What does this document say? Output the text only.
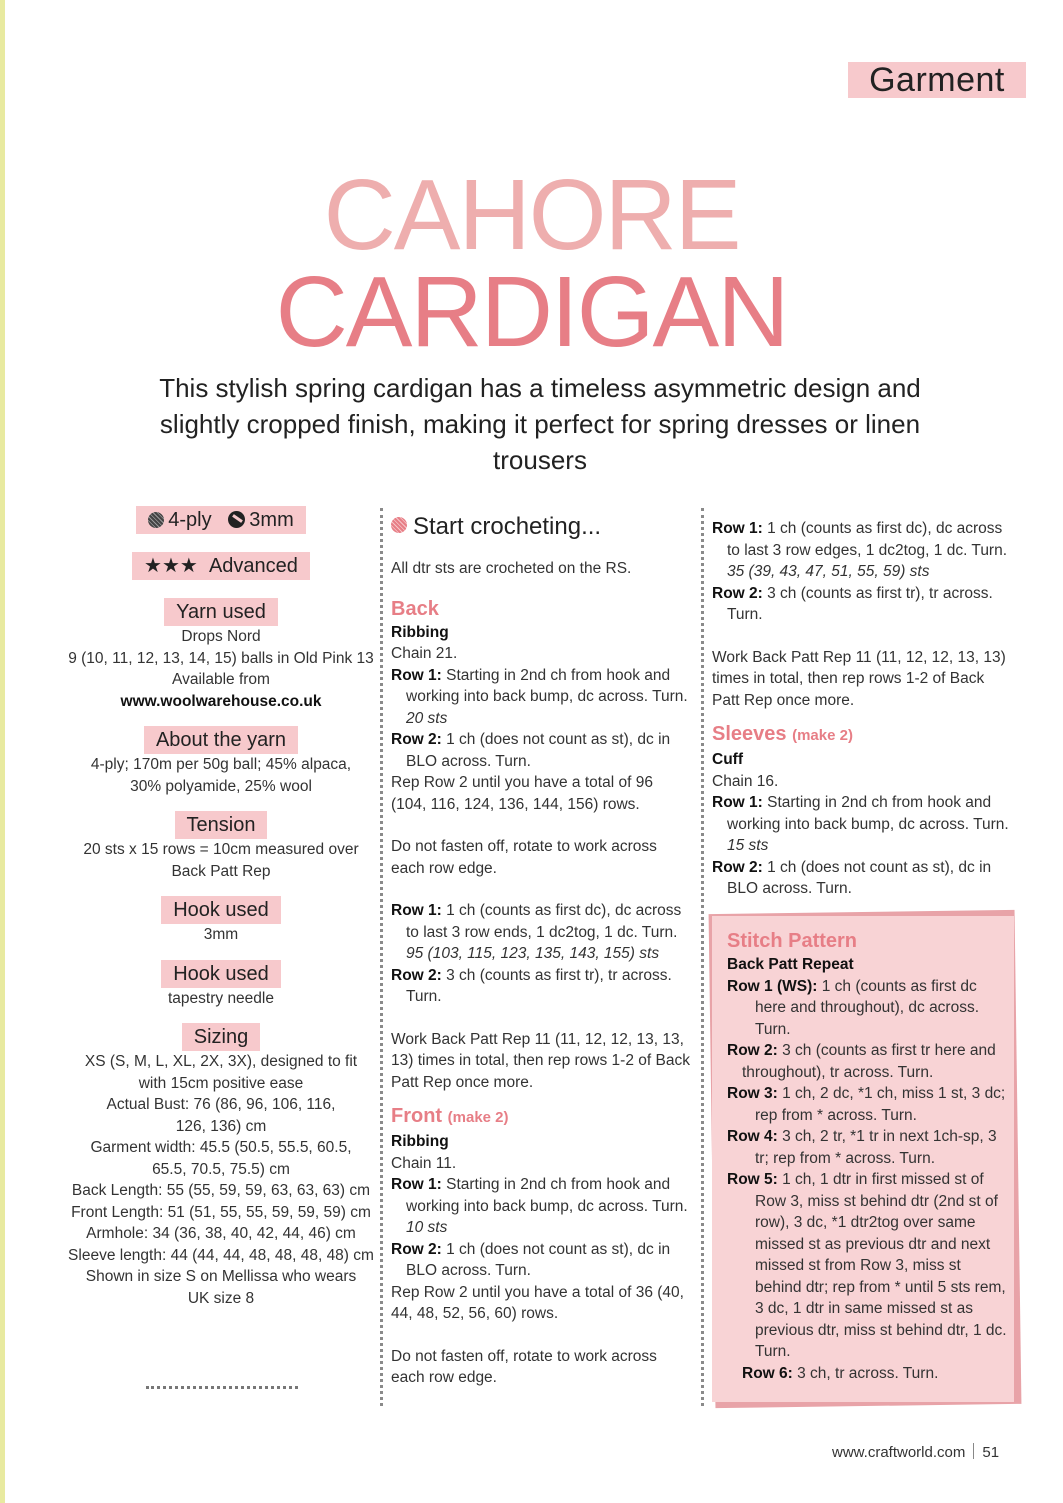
Garment
CAHORE
CARDIGAN
This stylish spring cardigan has a timeless asymmetric design and slightly cropped finish, making it perfect for spring dresses or linen trousers
4-ply 3mm
★★★ Advanced
Yarn used

Drops Nord

9 (10, 11, 12, 13, 14, 15) balls in Old Pink 13

Available from

www.woolwarehouse.co.uk

About the yarn

4-ply; 170m per 50g ball; 45% alpaca,

30% polyamide, 25% wool

Tension

20 sts x 15 rows = 10cm measured over

Back Patt Rep

Hook used

3mm

Hook used

tapestry needle

Sizing

XS (S, M, L, XL, 2X, 3X), designed to fit

with 15cm positive ease

Actual Bust: 76 (86, 96, 106, 116,

126, 136) cm

Garment width: 45.5 (50.5, 55.5, 60.5,

65.5, 70.5, 75.5) cm

Back Length: 55 (55, 59, 59, 63, 63, 63) cm

Front Length: 51 (51, 55, 55, 59, 59, 59) cm

Armhole: 34 (36, 38, 40, 42, 44, 46) cm

Sleeve length: 44 (44, 44, 48, 48, 48, 48) cm

Shown in size S on Mellissa who wears

UK size 8

Start crocheting...

All dtr sts are crocheted on the RS.

Back

Ribbing

Chain 21.

Row 1: Starting in 2nd ch from hook and working into back bump, dc across. Turn.

20 sts

Row 2: 1 ch (does not count as st), dc in BLO across. Turn.

Rep Row 2 until you have a total of 96 (104, 116, 124, 136, 144, 156) rows.

Do not fasten off, rotate to work across each row edge.

Row 1: 1 ch (counts as first dc), dc across to last 3 row ends, 1 dc2tog, 1 dc. Turn.

95 (103, 115, 123, 135, 143, 155) sts

Row 2: 3 ch (counts as first tr), tr across. Turn.

Work Back Patt Rep 11 (11, 12, 12, 13, 13, 13) times in total, then rep rows 1-2 of Back Patt Rep once more.

Front (make 2)

Ribbing

Chain 11.

Row 1: Starting in 2nd ch from hook and working into back bump, dc across. Turn.

10 sts

Row 2: 1 ch (does not count as st), dc in BLO across. Turn.

Rep Row 2 until you have a total of 36 (40, 44, 48, 52, 56, 60) rows.

Do not fasten off, rotate to work across each row edge.

Row 1: 1 ch (counts as first dc), dc across to last 3 row edges, 1 dc2tog, 1 dc. Turn.

35 (39, 43, 47, 51, 55, 59) sts

Row 2: 3 ch (counts as first tr), tr across. Turn.

Work Back Patt Rep 11 (11, 12, 12, 13, 13) times in total, then rep rows 1-2 of Back Patt Rep once more.

Sleeves (make 2)

Cuff

Chain 16.

Row 1: Starting in 2nd ch from hook and working into back bump, dc across. Turn.

15 sts

Row 2: 1 ch (does not count as st), dc in BLO across. Turn.

Stitch Pattern

Back Patt Repeat

Row 1 (WS): 1 ch (counts as first dc here and throughout), dc across. Turn.

Row 2: 3 ch (counts as first tr here and throughout), tr across. Turn.

Row 3: 1 ch, 2 dc, *1 ch, miss 1 st, 3 dc; rep from * across. Turn.

Row 4: 3 ch, 2 tr, *1 tr in next 1ch-sp, 3 tr; rep from * across. Turn.

Row 5: 1 ch, 1 dtr in first missed st of Row 3, miss st behind dtr (2nd st of row), 3 dc, *1 dtr2tog over same missed st as previous dtr and next missed st from Row 3, miss st behind dtr; rep from * until 5 sts rem, 3 dc, 1 dtr in same missed st as previous dtr, miss st behind dtr, 1 dc. Turn.

Row 6: 3 ch, tr across. Turn.

www.craftworld.com 51
